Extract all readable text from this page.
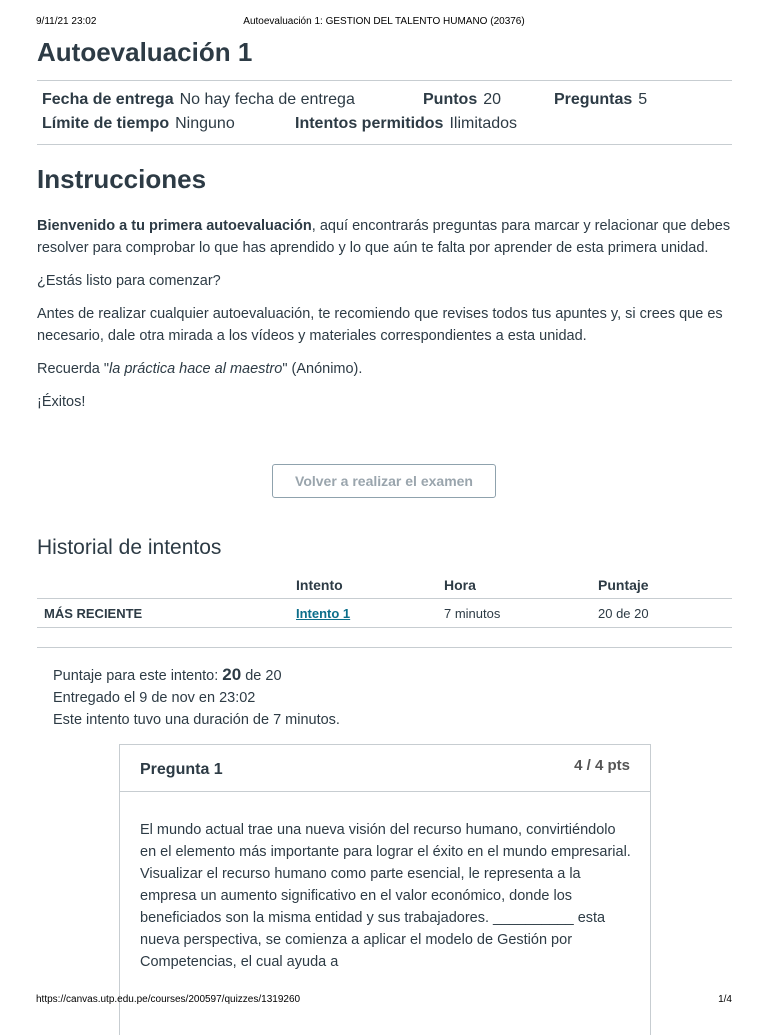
9/11/21 23:02	Autoevaluación 1: GESTION DEL TALENTO HUMANO (20376)
Autoevaluación 1
Fecha de entrega No hay fecha de entrega	Puntos 20	Preguntas 5
Límite de tiempo Ninguno	Intentos permitidos Ilimitados
Instrucciones

Bienvenido a tu primera autoevaluación, aquí encontrarás preguntas para marcar y relacionar que debes resolver para comprobar lo que has aprendido y lo que aún te falta por aprender de esta primera unidad.

¿Estás listo para comenzar?

Antes de realizar cualquier autoevaluación, te recomiendo que revises todos tus apuntes y, si crees que es necesario, dale otra mirada a los vídeos y materiales correspondientes a esta unidad.

Recuerda "la práctica hace al maestro" (Anónimo).

¡Éxitos!

Volver a realizar el examen
Historial de intentos
	Intento	Hora	Puntaje
MÁS RECIENTE	Intento 1	7 minutos	20 de 20
Puntaje para este intento: 20 de 20
Entregado el 9 de nov en 23:02
Este intento tuvo una duración de 7 minutos.
Pregunta 1	4 / 4 pts
El mundo actual trae una nueva visión del recurso humano, convirtiéndolo en el elemento más importante para lograr el éxito en el mundo empresarial. Visualizar el recurso humano como parte esencial, le representa a la empresa un aumento significativo en el valor económico, donde los beneficiados son la misma entidad y sus trabajadores. __________ esta nueva perspectiva, se comienza a aplicar el modelo de Gestión por Competencias, el cual ayuda a
https://canvas.utp.edu.pe/courses/200597/quizzes/1319260	1/4
